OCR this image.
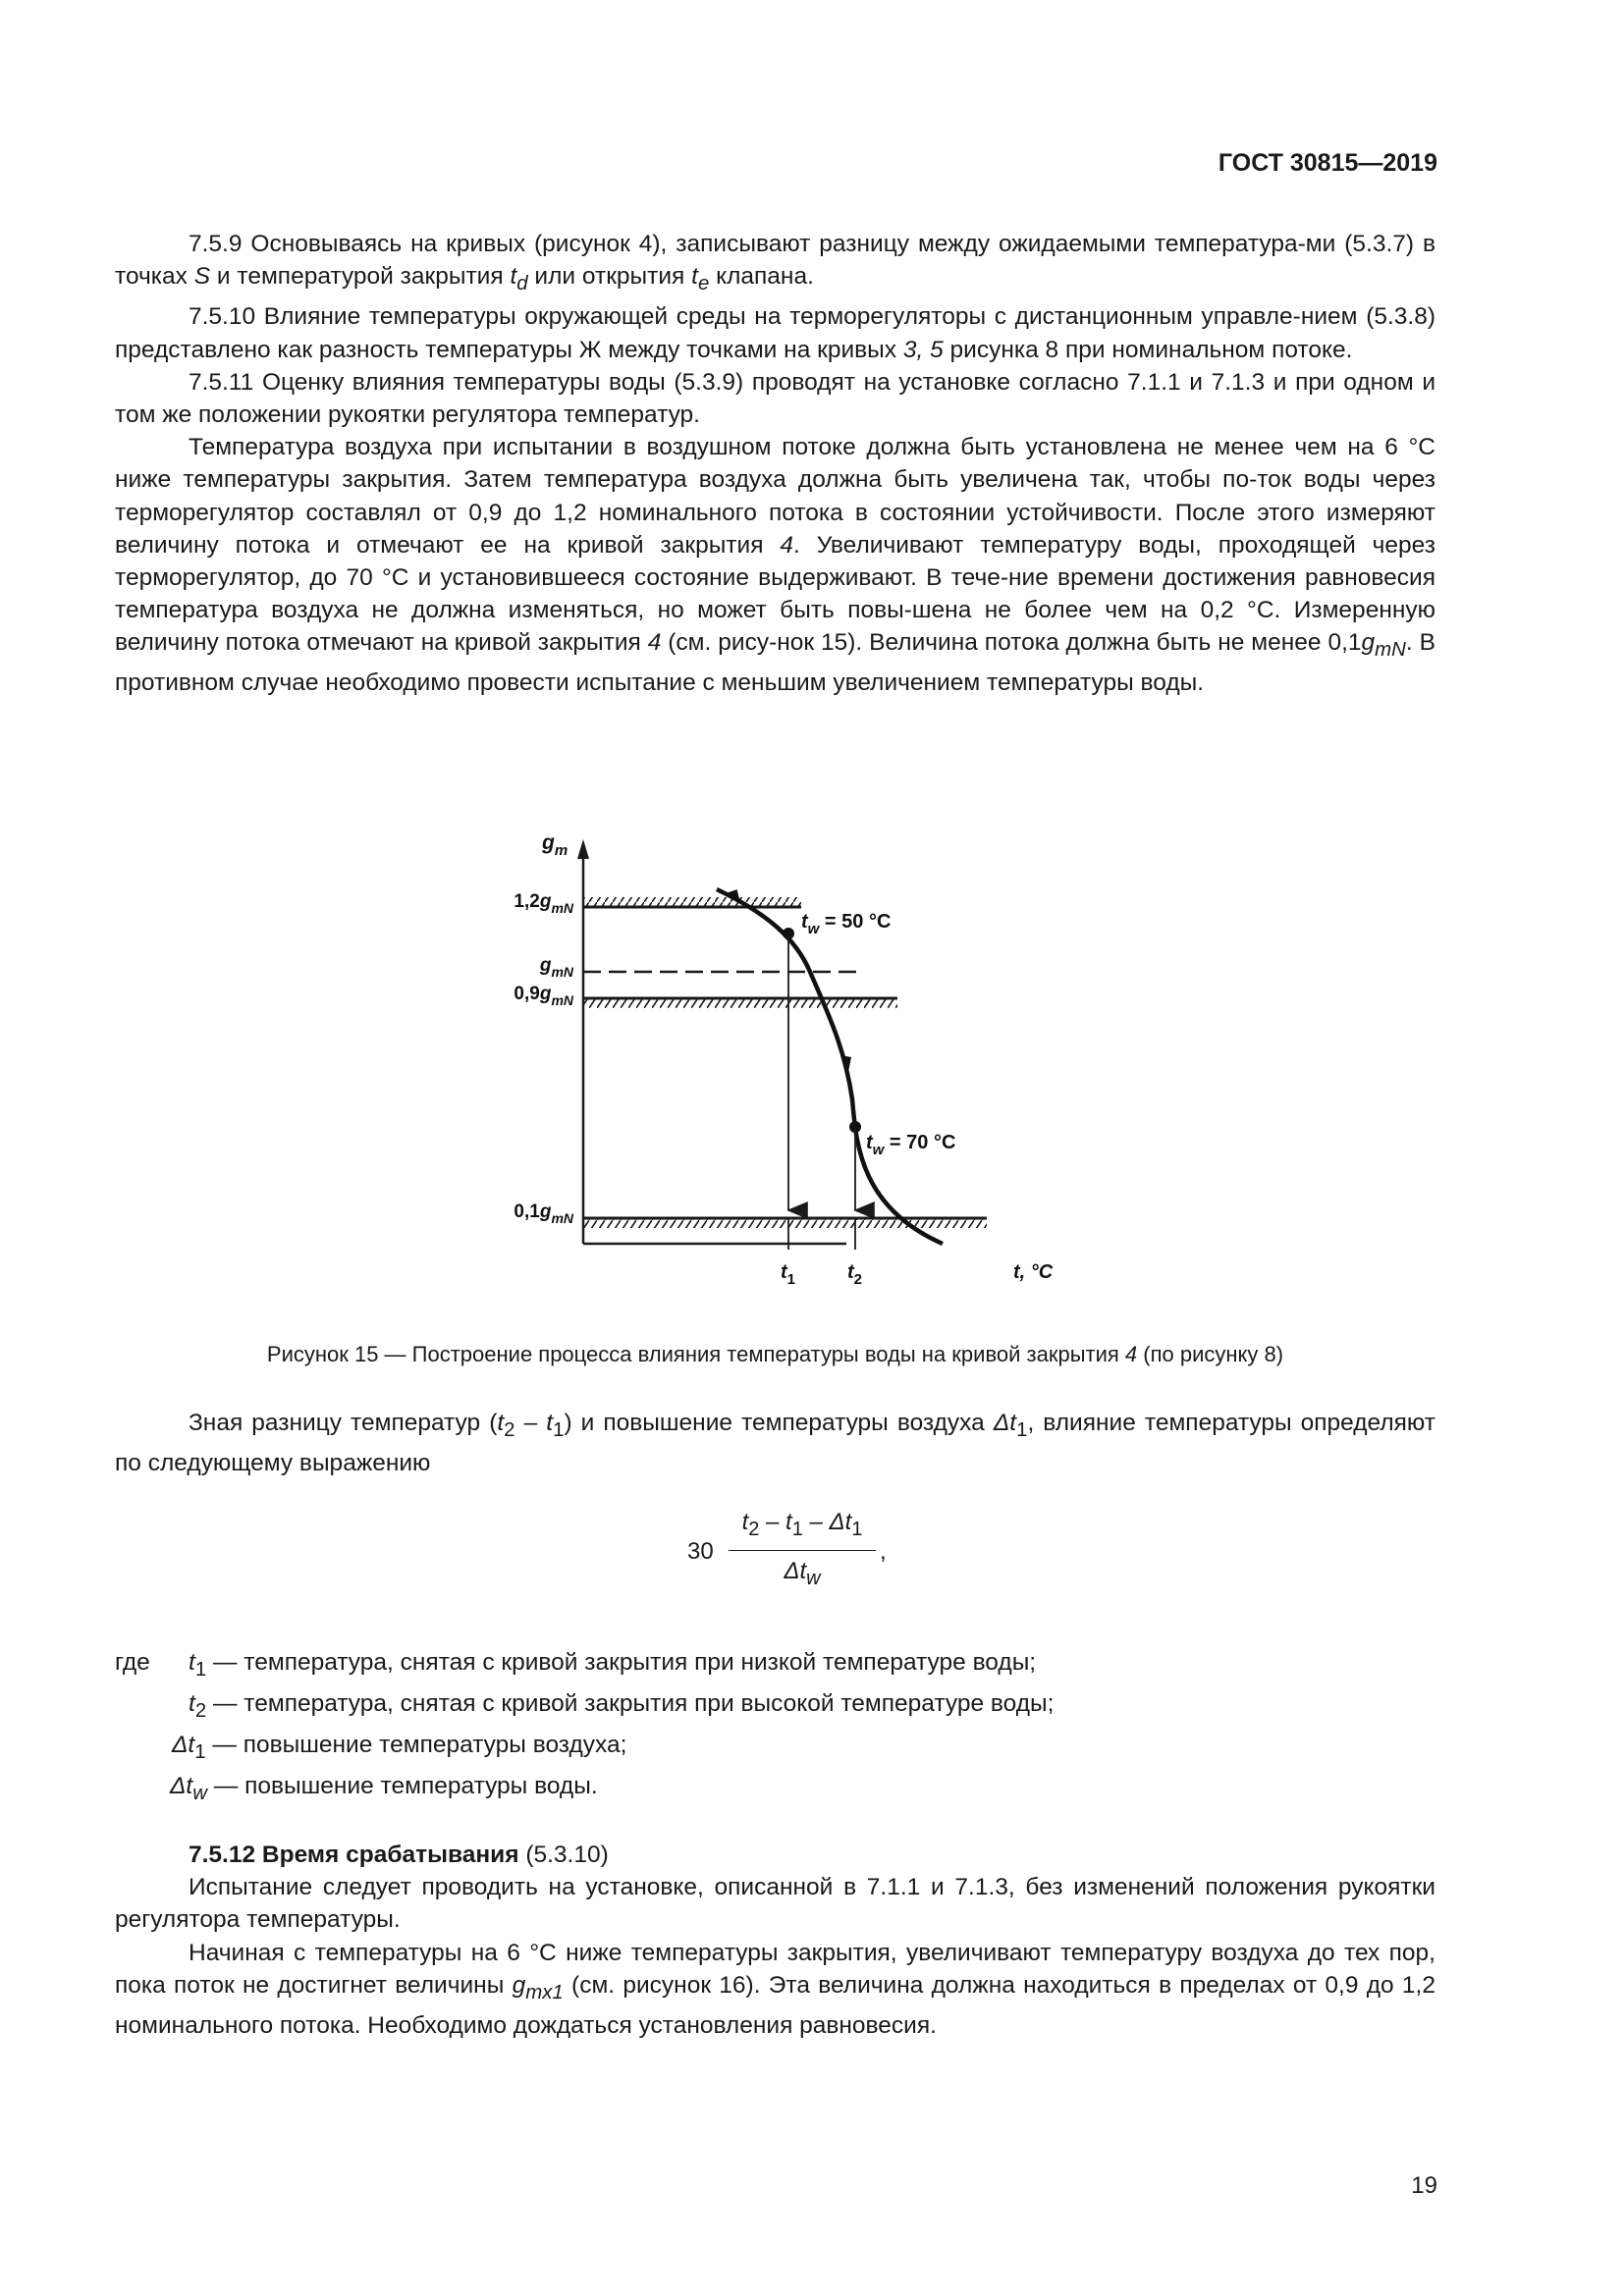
ГОСТ 30815—2019

7.5.9 Основываясь на кривых (рисунок 4), записывают разницу между ожидаемыми температура-ми (5.3.7) в точках S и температурой закрытия $t_d$ или открытия $t_e$ клапана.

7.5.10 Влияние температуры окружающей среды на терморегуляторы с дистанционным управле-нием (5.3.8) представлено как разность температуры Ж между точками на кривых 3, 5 рисунка 8 при номинальном потоке.

7.5.11 Оценку влияния температуры воды (5.3.9) проводят на установке согласно 7.1.1 и 7.1.3 и при одном и том же положении рукоятки регулятора температур.

Температура воздуха при испытании в воздушном потоке должна быть установлена не менее чем на 6 °C ниже температуры закрытия. Затем температура воздуха должна быть увеличена так, чтобы по-ток воды через терморегулятор составлял от 0,9 до 1,2 номинального потока в состоянии устойчивости. После этого измеряют величину потока и отмечают ее на кривой закрытия 4. Увеличивают температуру воды, проходящей через терморегулятор, до 70 °C и установившееся состояние выдерживают. В тече-ние времени достижения равновесия температура воздуха не должна изменяться, но может быть повы-шена не более чем на 0,2 °C. Измеренную величину потока отмечают на кривой закрытия 4 (см. рису-нок 15). Величина потока должна быть не менее $0,1g_{mN}$. В противном случае необходимо провести испытание с меньшим увеличением температуры воды.

$g_m$
$1,2g_{mN}$
$g_{mN}$
$0,9g_{mN}$
$0,1g_{mN}$
$t_w = 50$ °C
$t_w = 70$ °C
$t_1$	$t_2$	t, °C
Рисунок 15 — Построение процесса влияния температуры воды на кривой закрытия 4 (по рисунку 8)

Зная разницу температур $(t_2 - t_1)$ и повышение температуры воздуха $\Delta t_1$, влияние температуры определяют по следующему выражению

30
$t_2 - t_1 - \Delta t_1$
$\Delta t_w$
,
где $t_1$ — температура, снятая с кривой закрытия при низкой температуре воды;
$t_2$ — температура, снятая с кривой закрытия при высокой температуре воды;
$\Delta t_1$ — повышение температуры воздуха;
$\Delta t_w$ — повышение температуры воды.

7.5.12 Время срабатывания (5.3.10)

Испытание следует проводить на установке, описанной в 7.1.1 и 7.1.3, без изменений положения рукоятки регулятора температуры.

Начиная с температуры на 6 °C ниже температуры закрытия, увеличивают температуру воздуха до тех пор, пока поток не достигнет величины $g_{mx1}$ (см. рисунок 16). Эта величина должна находиться в пределах от 0,9 до 1,2 номинального потока. Необходимо дождаться установления равновесия.

19
